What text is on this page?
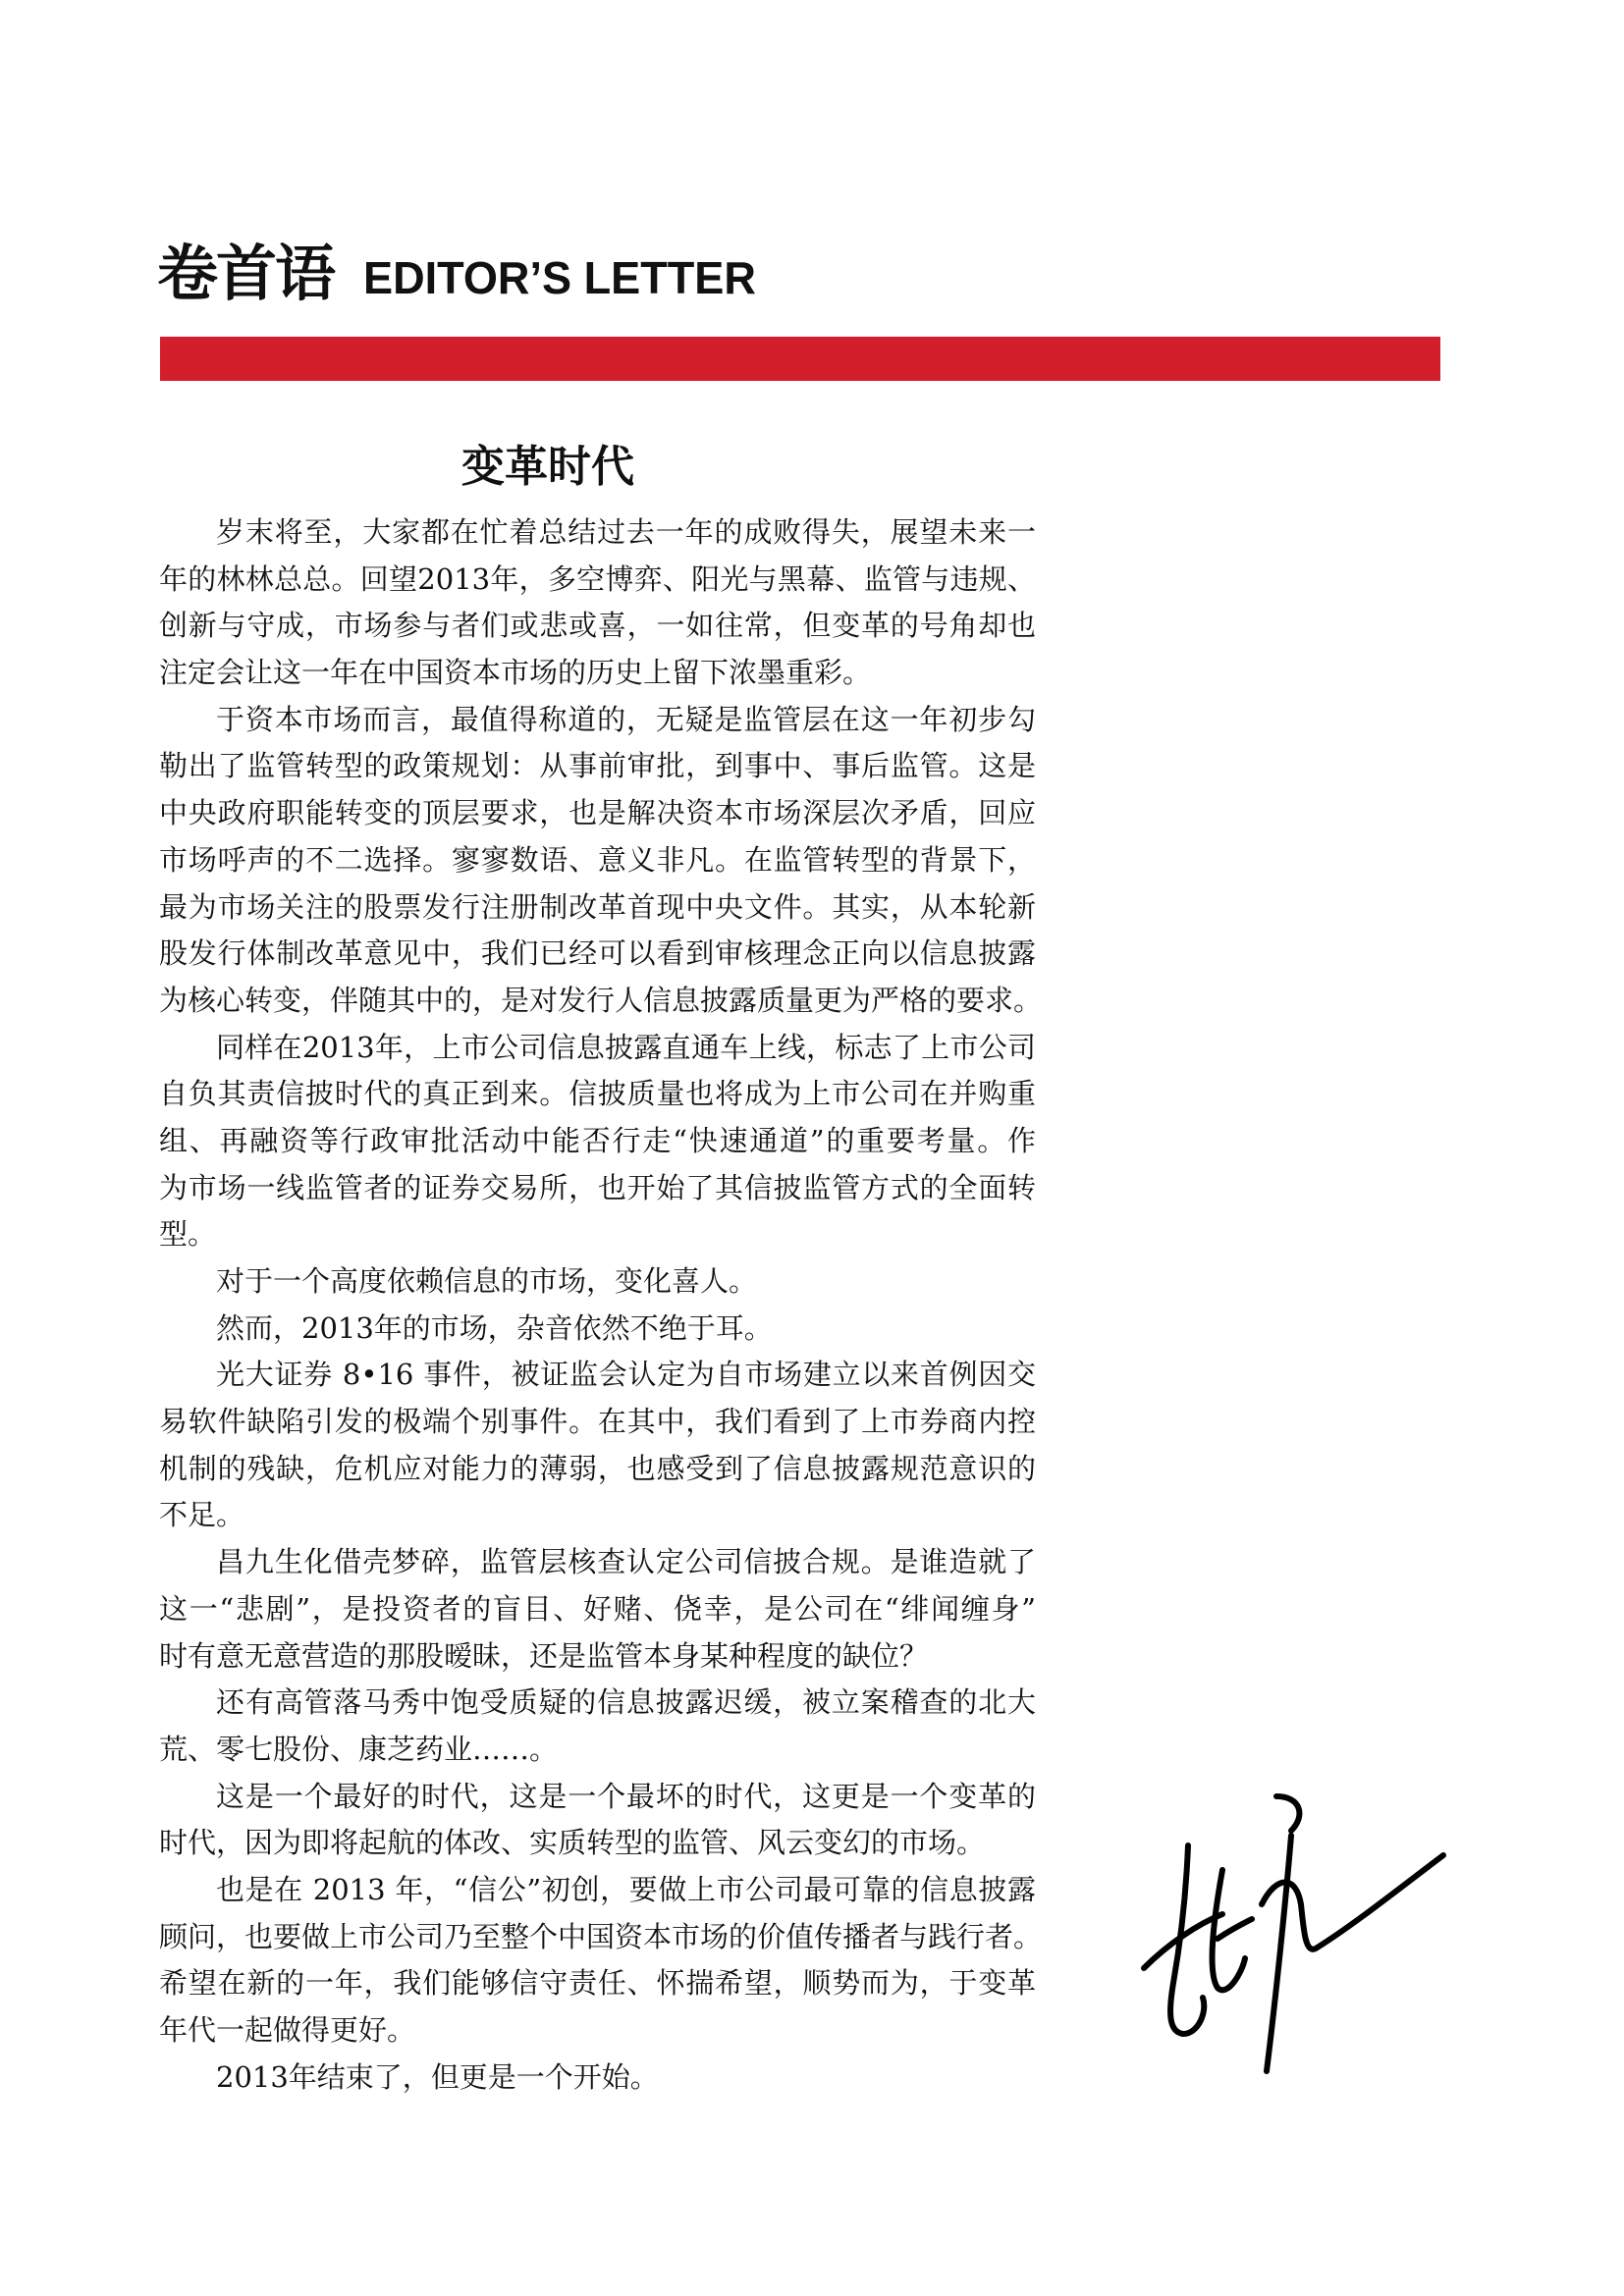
卷首语 EDITOR’S LETTER
变革时代
岁末将至，大家都在忙着总结过去一年的成败得失，展望未来一
年的林林总总。回望2013年，多空博弈、阳光与黑幕、监管与违规、
创新与守成，市场参与者们或悲或喜，一如往常，但变革的号角却也
注定会让这一年在中国资本市场的历史上留下浓墨重彩。
于资本市场而言，最值得称道的，无疑是监管层在这一年初步勾
勒出了监管转型的政策规划：从事前审批，到事中、事后监管。这是
中央政府职能转变的顶层要求，也是解决资本市场深层次矛盾，回应
市场呼声的不二选择。寥寥数语、意义非凡。在监管转型的背景下，
最为市场关注的股票发行注册制改革首现中央文件。其实，从本轮新
股发行体制改革意见中，我们已经可以看到审核理念正向以信息披露
为核心转变，伴随其中的，是对发行人信息披露质量更为严格的要求。
同样在2013年，上市公司信息披露直通车上线，标志了上市公司
自负其责信披时代的真正到来。信披质量也将成为上市公司在并购重
组、再融资等行政审批活动中能否行走“快速通道”的重要考量。作
为市场一线监管者的证券交易所，也开始了其信披监管方式的全面转
型。
对于一个高度依赖信息的市场，变化喜人。
然而，2013年的市场，杂音依然不绝于耳。
光大证券 8•16 事件，被证监会认定为自市场建立以来首例因交
易软件缺陷引发的极端个别事件。在其中，我们看到了上市券商内控
机制的残缺，危机应对能力的薄弱，也感受到了信息披露规范意识的
不足。
昌九生化借壳梦碎，监管层核查认定公司信披合规。是谁造就了
这一“悲剧”，是投资者的盲目、好赌、侥幸，是公司在“绯闻缠身”
时有意无意营造的那股暧昧，还是监管本身某种程度的缺位？
还有高管落马秀中饱受质疑的信息披露迟缓，被立案稽查的北大
荒、零七股份、康芝药业……。
这是一个最好的时代，这是一个最坏的时代，这更是一个变革的
时代，因为即将起航的体改、实质转型的监管、风云变幻的市场。
也是在 2013 年，“信公”初创，要做上市公司最可靠的信息披露
顾问，也要做上市公司乃至整个中国资本市场的价值传播者与践行者。
希望在新的一年，我们能够信守责任、怀揣希望，顺势而为，于变革
年代一起做得更好。
2013年结束了，但更是一个开始。
